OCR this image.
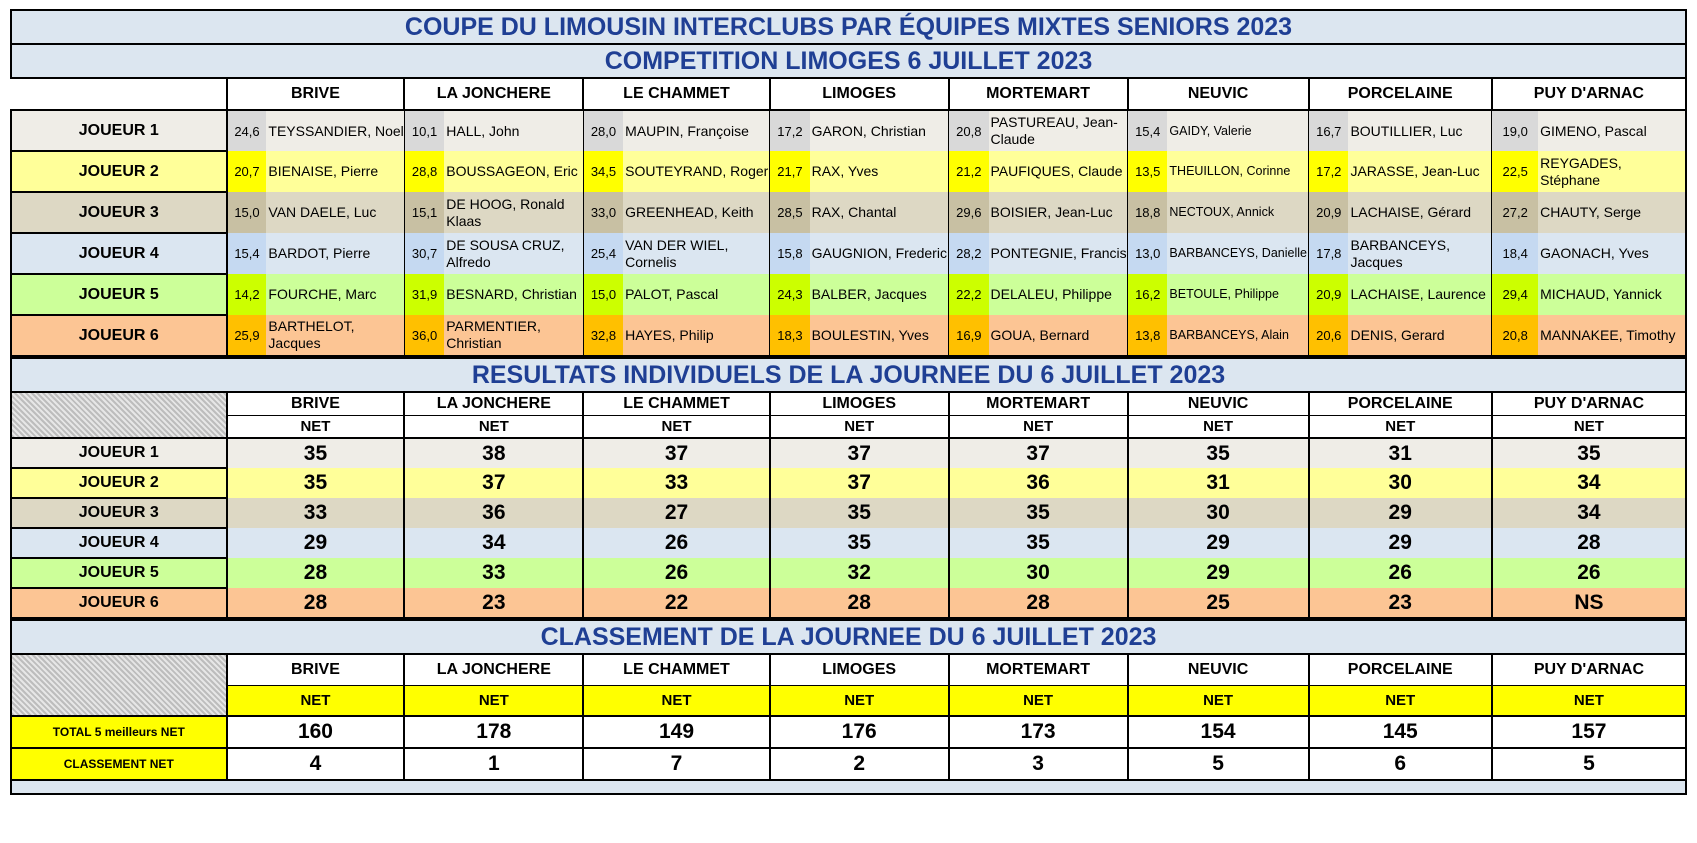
COUPE DU LIMOUSIN INTERCLUBS PAR ÉQUIPES MIXTES SENIORS 2023																
COMPETITION LIMOGES 6 JUILLET 2023																
	BRIVE		LA JONCHERE		LE CHAMMET		LIMOGES		MORTEMART		NEUVIC		PORCELAINE		PUY D'ARNAC	
JOUEUR 1	24,6	TEYSSANDIER, Noel	10,1	HALL, John	28,0	MAUPIN, Françoise	17,2	GARON, Christian	20,8	PASTUREAU, Jean-Claude	15,4	GAIDY, Valerie	16,7	BOUTILLIER, Luc	19,0	GIMENO, Pascal
JOUEUR 2	20,7	BIENAISE, Pierre	28,8	BOUSSAGEON, Eric	34,5	SOUTEYRAND, Roger	21,7	RAX, Yves	21,2	PAUFIQUES, Claude	13,5	THEUILLON, Corinne	17,2	JARASSE, Jean-Luc	22,5	REYGADES, Stéphane
JOUEUR 3	15,0	VAN DAELE, Luc	15,1	DE HOOG, Ronald Klaas	33,0	GREENHEAD, Keith	28,5	RAX, Chantal	29,6	BOISIER, Jean-Luc	18,8	NECTOUX, Annick	20,9	LACHAISE, Gérard	27,2	CHAUTY, Serge
JOUEUR 4	15,4	BARDOT, Pierre	30,7	DE SOUSA CRUZ, Alfredo	25,4	VAN DER WIEL, Cornelis	15,8	GAUGNION, Frederic	28,2	PONTEGNIE, Francis	13,0	BARBANCEYS, Danielle	17,8	BARBANCEYS, Jacques	18,4	GAONACH, Yves
JOUEUR 5	14,2	FOURCHE, Marc	31,9	BESNARD, Christian	15,0	PALOT, Pascal	24,3	BALBER, Jacques	22,2	DELALEU, Philippe	16,2	BETOULE, Philippe	20,9	LACHAISE, Laurence	29,4	MICHAUD, Yannick
JOUEUR 6	25,9	BARTHELOT, Jacques	36,0	PARMENTIER, Christian	32,8	HAYES, Philip	18,3	BOULESTIN, Yves	16,9	GOUA, Bernard	13,8	BARBANCEYS, Alain	20,6	DENIS, Gerard	20,8	MANNAKEE, Timothy
RESULTATS INDIVIDUELS DE LA JOURNEE DU 6 JUILLET 2023								
	BRIVE	LA JONCHERE	LE CHAMMET	LIMOGES	MORTEMART	NEUVIC	PORCELAINE	PUY D'ARNAC
	NET	NET	NET	NET	NET	NET	NET	NET
JOUEUR 1	35	38	37	37	37	35	31	35
JOUEUR 2	35	37	33	37	36	31	30	34
JOUEUR 3	33	36	27	35	35	30	29	34
JOUEUR 4	29	34	26	35	35	29	29	28
JOUEUR 5	28	33	26	32	30	29	26	26
JOUEUR 6	28	23	22	28	28	25	23	NS
CLASSEMENT DE LA JOURNEE DU 6 JUILLET 2023								
	BRIVE	LA JONCHERE	LE CHAMMET	LIMOGES	MORTEMART	NEUVIC	PORCELAINE	PUY D'ARNAC
	NET	NET	NET	NET	NET	NET	NET	NET
TOTAL 5 meilleurs NET	160	178	149	176	173	154	145	157
CLASSEMENT NET	4	1	7	2	3	5	6	5
